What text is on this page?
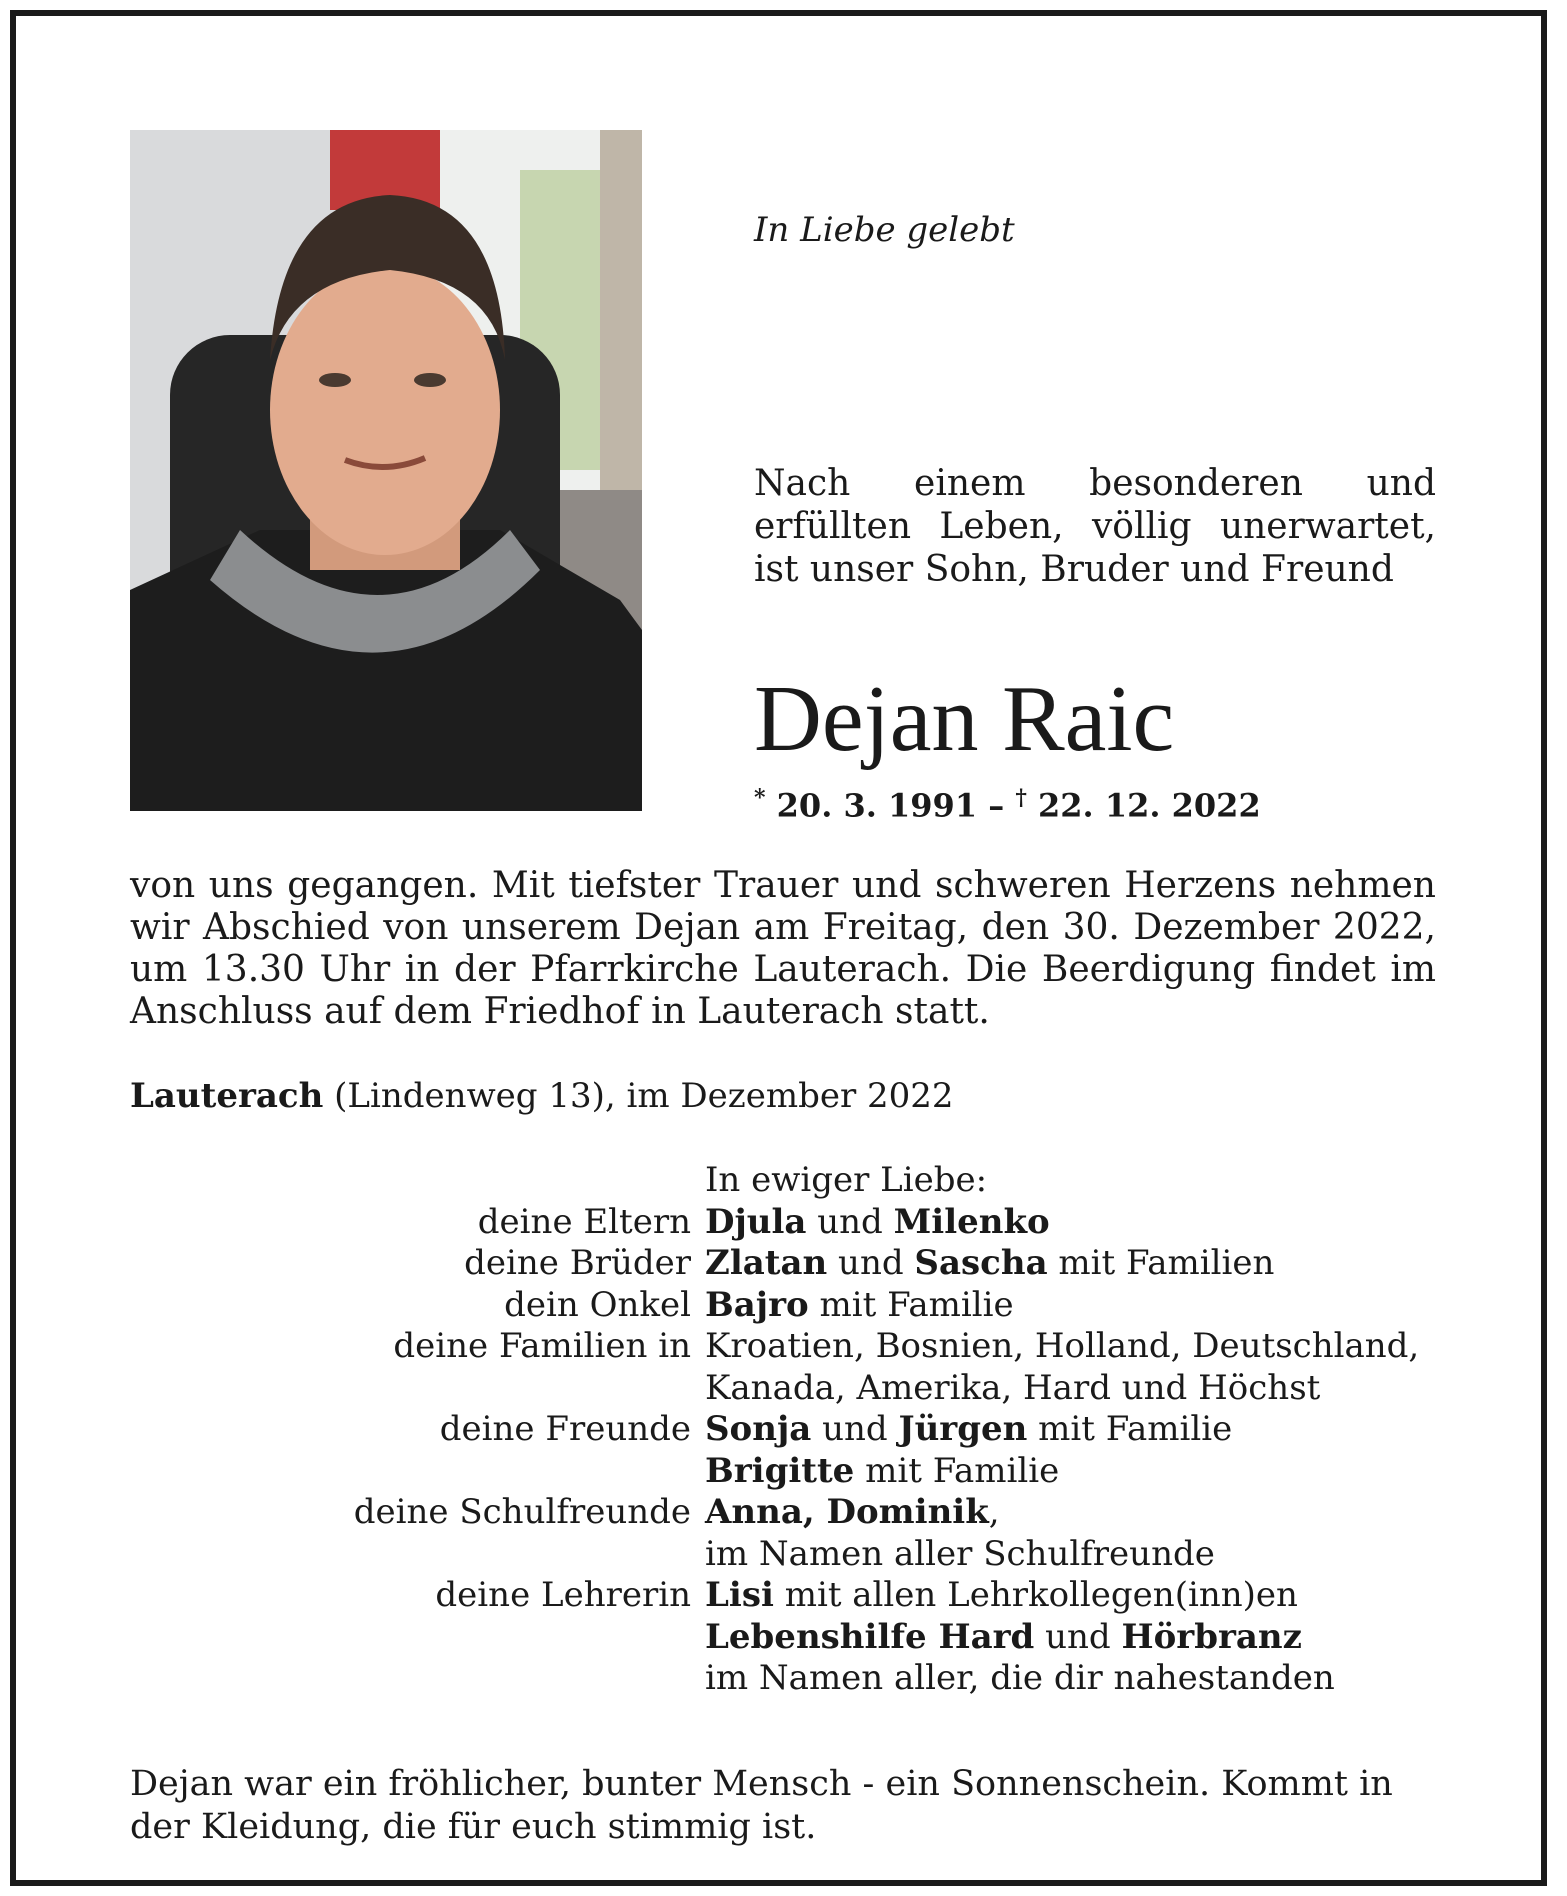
In Liebe gelebt
Nach einem besonderen und erfüllten Leben, völlig unerwartet, ist unser Sohn, Bruder und Freund
Dejan Raic
* 20. 3. 1991 – † 22. 12. 2022
von uns gegangen. Mit tiefster Trauer und schweren Herzens nehmen wir Abschied von unserem Dejan am Freitag, den 30. Dezember 2022, um 13.30 Uhr in der Pfarrkirche Lauterach. Die Beerdigung findet im Anschluss auf dem Friedhof in Lauterach statt.
Lauterach (Lindenweg 13), im Dezember 2022
In ewiger Liebe:
deine Eltern Djula und Milenko
deine Brüder Zlatan und Sascha mit Familien
dein Onkel Bajro mit Familie
deine Familien in Kroatien, Bosnien, Holland, Deutschland,
Kanada, Amerika, Hard und Höchst
deine Freunde Sonja und Jürgen mit Familie
Brigitte mit Familie
deine Schulfreunde Anna, Dominik,
im Namen aller Schulfreunde
deine Lehrerin Lisi mit allen Lehrkollegen(inn)en
Lebenshilfe Hard und Hörbranz
im Namen aller, die dir nahestanden
Dejan war ein fröhlicher, bunter Mensch - ein Sonnenschein. Kommt in der Kleidung, die für euch stimmig ist.
